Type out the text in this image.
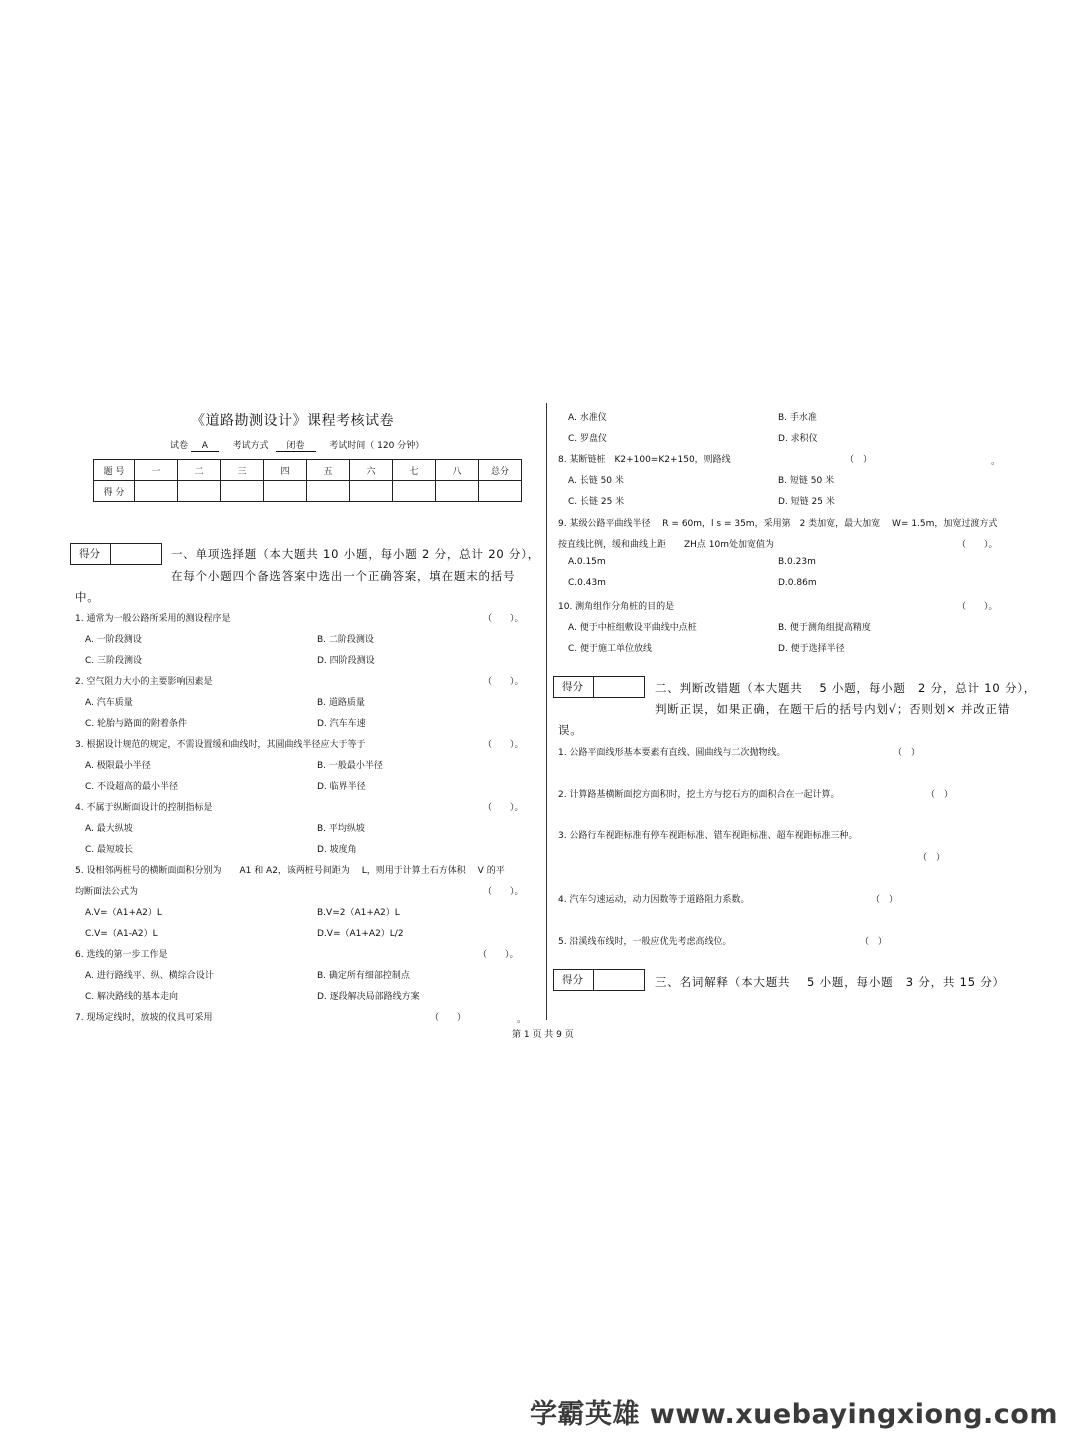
《道路勘测设计》课程考核试卷
试卷 A	考试方式 闭卷	考试时间（ 120 分钟）
题 号	一	二	三	四	五	六	七	八	总分
得 分									
得分	一、单项选择题（本大题共 10 小题，每小题 2 分，总计 20 分），
在每个小题四个备选答案中选出一个正确答案，填在题末的括号
中。
1. 通常为一般公路所采用的测设程序是	（　　）。
A. 一阶段测设	B. 二阶段测设
C. 三阶段测设	D. 四阶段测设
2. 空气阻力大小的主要影响因素是	（　　）。
A. 汽车质量	B. 道路质量
C. 轮胎与路面的附着条件	D. 汽车车速
3. 根据设计规范的规定，不需设置缓和曲线时，其圆曲线半径应大于等于	（　　）。
A. 极限最小半径	B. 一般最小半径
C. 不设超高的最小半径	D. 临界半径
4. 不属于纵断面设计的控制指标是	（　　）。
A. 最大纵坡	B. 平均纵坡
C. 最短坡长	D. 坡度角
5. 设相邻两桩号的横断面面积分别为　　A1 和 A2，该两桩号间距为　 L，则用于计算土石方体积　 V 的平
均断面法公式为	（　　）。
A.V=（A1+A2）L	B.V=2（A1+A2）L
C.V=（A1-A2）L	D.V=（A1+A2）L/2
6. 选线的第一步工作是	（　　）。
A. 进行路线平、纵、横综合设计	B. 确定所有细部控制点
C. 解决路线的基本走向	D. 逐段解决局部路线方案
7. 现场定线时，放坡的仪具可采用	（　　）	。
A. 水准仪	B. 手水准
C. 罗盘仪	D. 求积仪
8. 某断链桩　K2+100=K2+150，则路线	（　）	。
A. 长链 50 米	B. 短链 50 米
C. 长链 25 米	D. 短链 25 米
9. 某级公路平曲线半径　 R = 60m，l s = 35m，采用第　2 类加宽，最大加宽　 W= 1.5m，加宽过渡方式
按直线比例，缓和曲线上距　　ZH点 10m处加宽值为	（　　）。
A.0.15m	B.0.23m
C.0.43m	D.0.86m
10. 测角组作分角桩的目的是	（　　）。
A. 便于中桩组敷设平曲线中点桩	B. 便于测角组提高精度
C. 便于施工单位放线	D. 便于选择半径
得分	二、判断改错题（本大题共　 5 小题，每小题　2 分，总计 10 分），
判断正误，如果正确，在题干后的括号内划√；否则划× 并改正错
误。
1. 公路平面线形基本要素有直线、圆曲线与二次抛物线。	（　）
2. 计算路基横断面挖方面积时，挖土方与挖石方的面积合在一起计算。	（　）
3. 公路行车视距标准有停车视距标准、错车视距标准、超车视距标准三种。
（　）
4. 汽车匀速运动，动力因数等于道路阻力系数。	（　）
5. 沿溪线布线时，一般应优先考虑高线位。	（　）
得分	三、名词解释（本大题共　 5 小题，每小题　3 分，共 15 分）
第 1 页 共 9 页
学霸英雄 www.xuebayingxiong.com
